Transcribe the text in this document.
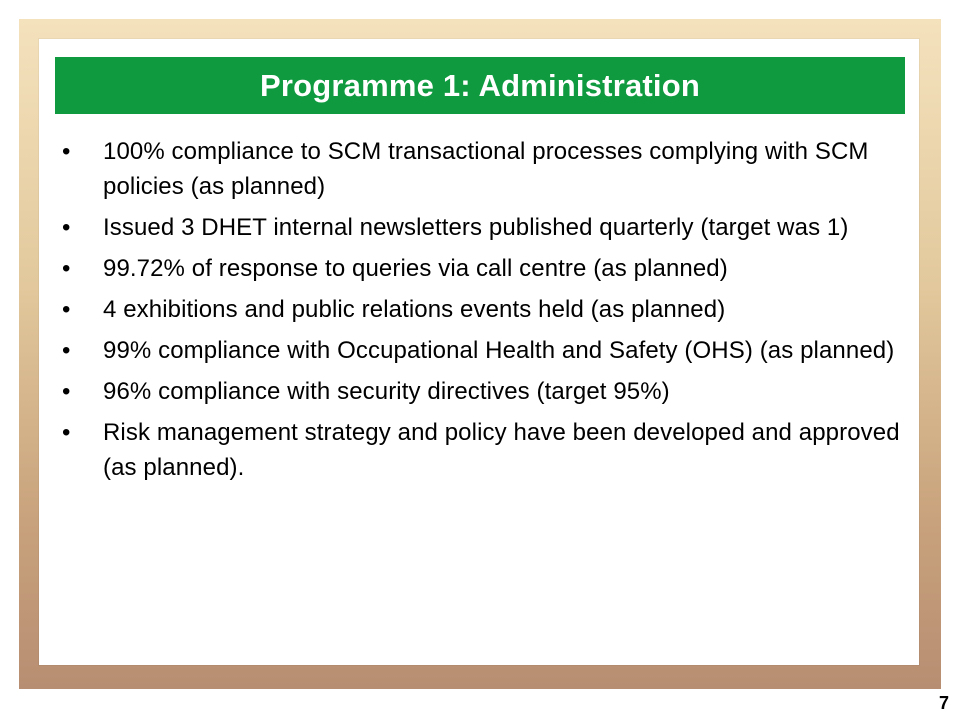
Programme 1: Administration
• 100% compliance to SCM transactional processes complying with SCM policies (as planned)
• Issued 3 DHET internal newsletters published quarterly (target was 1)
• 99.72% of response to queries via call centre (as planned)
• 4 exhibitions and public relations events held (as planned)
• 99% compliance with Occupational Health and Safety (OHS) (as planned)
• 96% compliance with security directives (target 95%)
• Risk management strategy and policy have been developed and approved (as planned).
7
